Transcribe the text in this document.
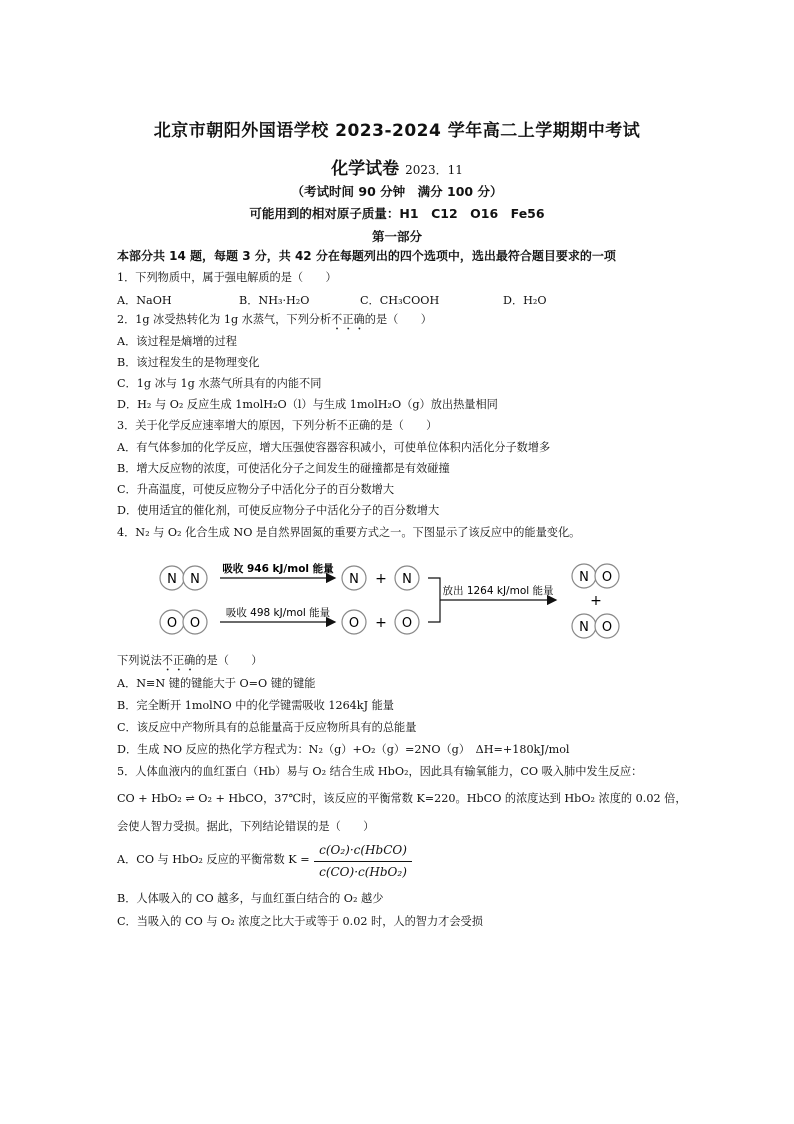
北京市朝阳外国语学校 2023-2024 学年高二上学期期中考试
化学试卷 2023．11
（考试时间 90 分钟　满分 100 分）
可能用到的相对原子质量：H1　C12　O16　Fe56
第一部分
本部分共 14 题，每题 3 分，共 42 分在每题列出的四个选项中，选出最符合题目要求的一项
1．下列物质中，属于强电解质的是（　　）
A．NaOH	B．NH₃·H₂O	C．CH₃COOH	D．H₂O
2．1g 冰受热转化为 1g 水蒸气，下列分析不正确的是（　　）
A．该过程是熵增的过程
B．该过程发生的是物理变化
C．1g 冰与 1g 水蒸气所具有的内能不同
D．H₂ 与 O₂ 反应生成 1molH₂O（l）与生成 1molH₂O（g）放出热量相同
3．关于化学反应速率增大的原因，下列分析不正确的是（　　）
A．有气体参加的化学反应，增大压强使容器容积减小，可使单位体积内活化分子数增多
B．增大反应物的浓度，可使活化分子之间发生的碰撞都是有效碰撞
C．升高温度，可使反应物分子中活化分子的百分数增大
D．使用适宜的催化剂，可使反应物分子中活化分子的百分数增大
4．N₂ 与 O₂ 化合生成 NO 是自然界固氮的重要方式之一。下图显示了该反应中的能量变化。
N N
吸收 946 kJ/mol 能量
N + N
O O
吸收 498 kJ/mol 能量
O + O
放出 1264 kJ/mol 能量
N O
+
N O
下列说法不正确的是（　　）
A．N≡N 键的键能大于 O=O 键的键能
B．完全断开 1molNO 中的化学键需吸收 1264kJ 能量
C．该反应中产物所具有的总能量高于反应物所具有的总能量
D．生成 NO 反应的热化学方程式为：N₂（g）+O₂（g）=2NO（g）　ΔH=+180kJ/mol
5．人体血液内的血红蛋白（Hb）易与 O₂ 结合生成 HbO₂，因此具有输氧能力，CO 吸入肺中发生反应：
CO + HbO₂ ⇌ O₂ + HbCO，37℃时，该反应的平衡常数 K=220。HbCO 的浓度达到 HbO₂ 浓度的 0.02 倍，
会使人智力受损。据此，下列结论错误的是（　　）
A．CO 与 HbO₂ 反应的平衡常数 K =
c(O₂)·c(HbCO)
c(CO)·c(HbO₂)
B．人体吸入的 CO 越多，与血红蛋白结合的 O₂ 越少
C．当吸入的 CO 与 O₂ 浓度之比大于或等于 0.02 时，人的智力才会受损
